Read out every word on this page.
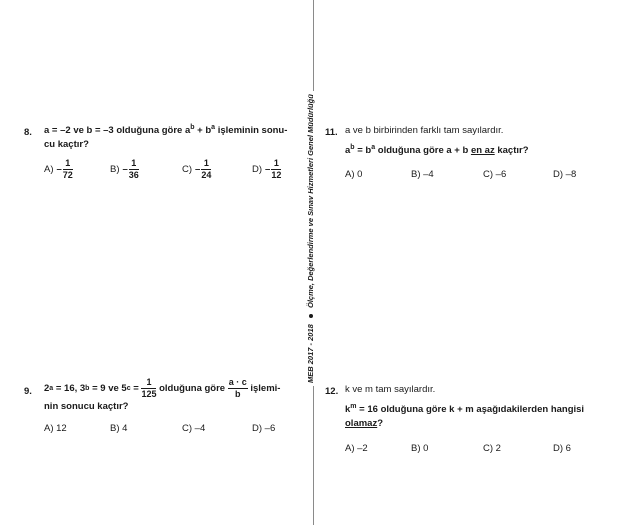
MEB 2017 - 2018  Ölçme, Değerlendirme ve Sınav Hizmetleri Genel Müdürlüğü
8. a = –2 ve b = –3 olduğuna göre $a^b + b^a$ işleminin sonu-
cu kaçtır?
$A) - \frac{1}{72}$	$B) - \frac{1}{36}$	$C) - \frac{1}{24}$	$D) - \frac{1}{12}$
9. 2 a = 16, 3 b = 9 ve 5 $c = \frac{1}{125}$ olduğuna göre $\frac{a \cdot c}{b}$ işlemi-
nin sonucu kaçtır?
A) 12	B) 4	C) –4	D) –6
11. a ve b birbirinden farklı tam sayılardır.
$a^b = b^a$ olduğuna göre a + b en az kaçtır?
A) 0	B) –4	C) –6	D) –8
12. k ve m tam sayılardır.
$k^m = 16$ olduğuna göre k + m aşağıdakilerden hangisi
olamaz?
A) –2	B) 0	C) 2	D) 6
